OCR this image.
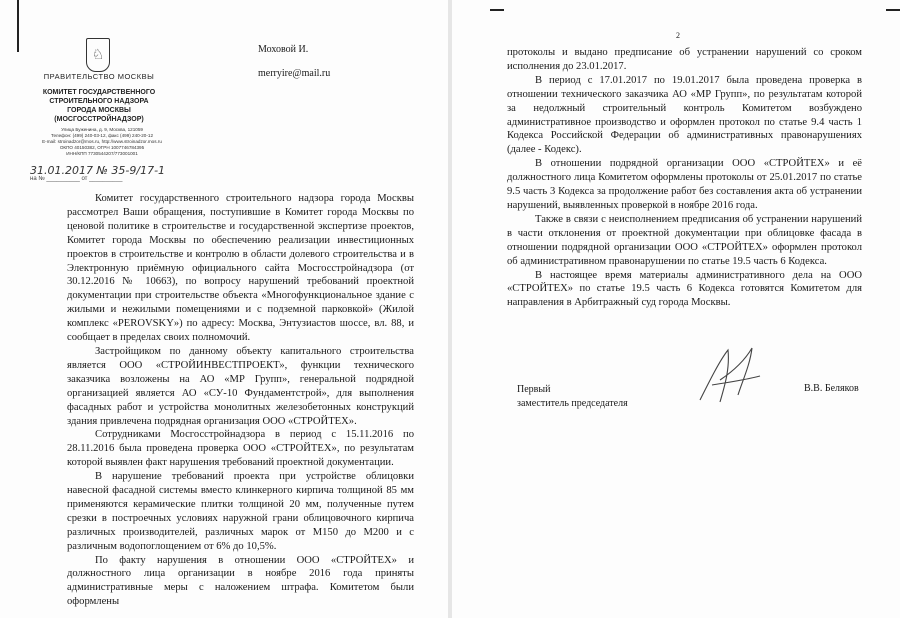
♘
ПРАВИТЕЛЬСТВО МОСКВЫ
КОМИТЕТ ГОСУДАРСТВЕННОГО
СТРОИТЕЛЬНОГО НАДЗОРА
ГОРОДА МОСКВЫ
(МОСГОССТРОЙНАДЗОР)
Улица Буженина, д. 9, Москва, 121059
Телефон: (499) 240-03-12, факс (499) 240-20-12
E-mail: stroinadzor@mos.ru, http://www.stroinadzor.mos.ru
ОКПО 40150382, ОГРН 1007746784395
ИНН/КПП 7730544207/773001001
31.01.2017 № 35-9/17-1
на № __________ от __________
Моховой И.
merryire@mail.ru

Комитет государственного строительного надзора города Москвы рассмотрел Ваши обращения, поступившие в Комитет города Москвы по ценовой политике в строительстве и государственной экспертизе проектов, Комитет города Москвы по обеспечению реализации инвестиционных проектов в строительстве и контролю в области долевого строительства и в Электронную приёмную официального сайта Мосгосстройнадзора (от 30.12.2016 № 10663), по вопросу нарушений требований проектной документации при строительстве объекта «Многофункциональное здание с жилыми и нежилыми помещениями и с подземной парковкой» (Жилой комплекс «PEROVSKY») по адресу: Москва, Энтузиастов шоссе, вл. 88, и сообщает в пределах своих полномочий.

Застройщиком по данному объекту капитального строительства является ООО «СТРОЙИНВЕСТПРОЕКТ», функции технического заказчика возложены на АО «МР Групп», генеральной подрядной организацией является АО «СУ-10 Фундаментстрой», для выполнения фасадных работ и устройства монолитных железобетонных конструкций здания привлечена подрядная организация ООО «СТРОЙТЕХ».

Сотрудниками Мосгосстройнадзора в период с 15.11.2016 по 28.11.2016 была проведена проверка ООО «СТРОЙТЕХ», по результатам которой выявлен факт нарушения требований проектной документации.

В нарушение требований проекта при устройстве облицовки навесной фасадной системы вместо клинкерного кирпича толщиной 85 мм применяются керамические плитки толщиной 20 мм, полученные путем срезки в построечных условиях наружной грани облицовочного кирпича различных производителей, различных марок от М150 до М200 и с различным водопоглощением от 6% до 10,5%.

По факту нарушения в отношении ООО «СТРОЙТЕХ» и должностного лица организации в ноябре 2016 года приняты административные меры с наложением штрафа. Комитетом были оформлены

2

протоколы и выдано предписание об устранении нарушений со сроком исполнения до 23.01.2017.

В период с 17.01.2017 по 19.01.2017 была проведена проверка в отношении технического заказчика АО «МР Групп», по результатам которой за недолжный строительный контроль Комитетом возбуждено административное производство и оформлен протокол по статье 9.4 часть 1 Кодекса Российской Федерации об административных правонарушениях (далее - Кодекс).

В отношении подрядной организации ООО «СТРОЙТЕХ» и её должностного лица Комитетом оформлены протоколы от 25.01.2017 по статье 9.5 часть 3 Кодекса за продолжение работ без составления акта об устранении нарушений, выявленных проверкой в ноябре 2016 года.

Также в связи с неисполнением предписания об устранении нарушений в части отклонения от проектной документации при облицовке фасада в отношении подрядной организации ООО «СТРОЙТЕХ» оформлен протокол об административном правонарушении по статье 19.5 часть 6 Кодекса.

В настоящее время материалы административного дела на ООО «СТРОЙТЕХ» по статье 19.5 часть 6 Кодекса готовятся Комитетом для направления в Арбитражный суд города Москвы.

Первый
заместитель председателя
В.В. Беляков
